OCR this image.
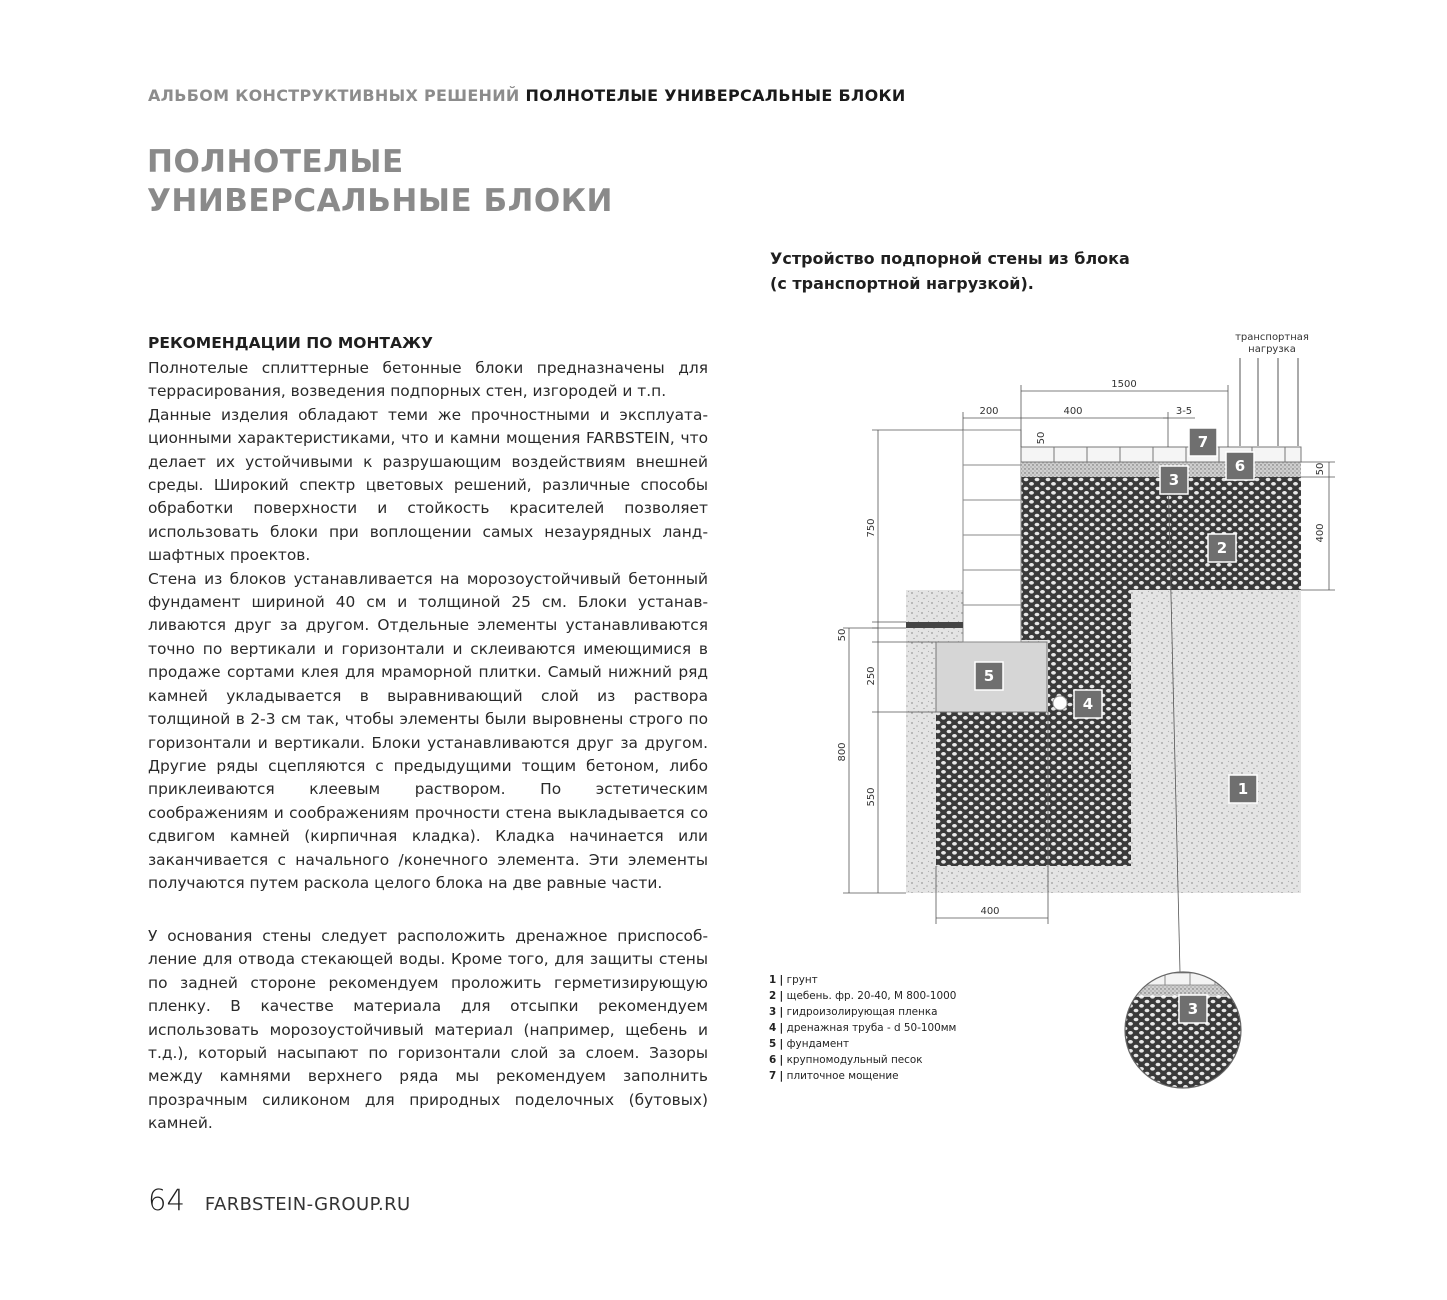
АЛЬБОМ КОНСТРУКТИВНЫХ РЕШЕНИЙ ПОЛНОТЕЛЫЕ УНИВЕРСАЛЬНЫЕ БЛОКИ
ПОЛНОТЕЛЫЕ
УНИВЕРСАЛЬНЫЕ БЛОКИ
Устройство подпорной стены из блока
(с транспортной нагрузкой).
РЕКОМЕНДАЦИИ ПО МОНТАЖУ

Полнотелые сплиттерные бетонные блоки предназначены для террасирования, возведения подпорных стен, изгородей и т.п.

Данные изделия обладают теми же прочностными и эксплуатационными характеристиками, что и камни мощения FARBSTEIN, что делает их устойчивыми к разрушающим воздействиям внешней среды. Широкий спектр цветовых решений, различные способы обработки поверхности и стойкость красителей позволяет использовать блоки при воплощении самых незаурядных ландшафтных проектов.

Стена из блоков устанавливается на морозоустойчивый бетонный фундамент шириной 40 см и толщиной 25 см. Блоки устанавливаются друг за другом. Отдельные элементы устанавливаются точно по вертикали и горизонтали и склеиваются имеющимися в продаже сортами клея для мраморной плитки. Самый нижний ряд камней укладывается в выравнивающий слой из раствора толщиной в 2-3 см так, чтобы элементы были выровнены строго по горизонтали и вертикали. Блоки устанавливаются друг за другом. Другие ряды сцепляются с предыдущими тощим бетоном, либо приклеиваются клеевым раствором. По эстетическим соображениям и соображениям прочности стена выкладывается со сдвигом камней (кирпичная кладка). Кладка начинается или заканчивается с начального /конечного элемента. Эти элементы получаются путем раскола целого блока на две равные части.

У основания стены следует расположить дренажное приспособление для отвода стекающей воды. Кроме того, для защиты стены по задней стороне рекомендуем проложить герметизирующую пленку. В качестве материала для отсыпки рекомендуем использовать морозоустойчивый материал (например, щебень и т.д.), который насыпают по горизонтали слой за слоем. Зазоры между камнями верхнего ряда мы рекомендуем заполнить прозрачным силиконом для природных поделочных (бутовых) камней.

транспортная
нагрузка
1500
200	400	3-5
50
50
400
750
50
250
800
550
400
7
6
3
2
5
4
1
3
1 | грунт
2 | щебень. фр. 20-40, М 800-1000
3 | гидроизолирующая пленка
4 | дренажная труба - d 50-100мм
5 | фундамент
6 | крупномодульный песок
7 | плиточное мощение
64 FARBSTEIN-GROUP.RU
